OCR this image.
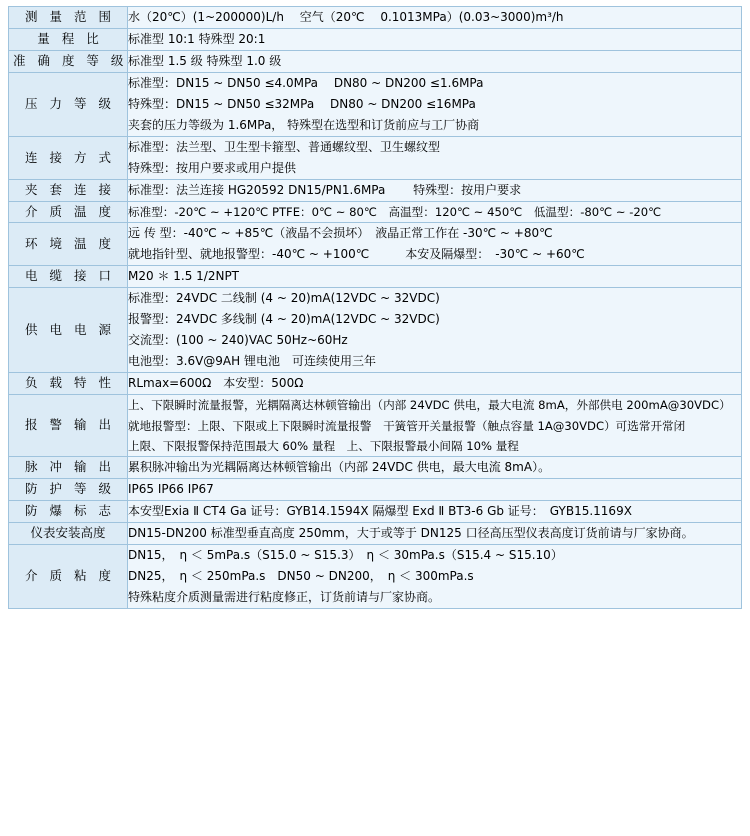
测 量 范 围	水（20℃）(1~200000)L/h 　空气（20℃ 　0.1013MPa）(0.03~3000)m³/h

量 程 比	标准型 10:1 特殊型 20:1

准 确 度 等 级	标准型 1.5 级 特殊型 1.0 级

压 力 等 级	标准型：DN15 ~ DN50 ≤4.0MPa　 DN80 ~ DN200 ≤1.6MPa
特殊型：DN15 ~ DN50 ≤32MPa　 DN80 ~ DN200 ≤16MPa
夹套的压力等级为 1.6MPa， 特殊型在选型和订货前应与工厂协商

连 接 方 式	标准型：法兰型、卫生型卡箍型、普通螺纹型、卫生螺纹型
特殊型：按用户要求或用户提供

夹 套 连 接	标准型：法兰连接 HG20592 DN15/PN1.6MPa　　 特殊型：按用户要求

介 质 温 度	标准型：-20℃ ~ +120℃ PTFE：0℃ ~ 80℃　高温型：120℃ ~ 450℃　低温型：-80℃ ~ -20℃

环 境 温 度	远 传 型：-40℃ ~ +85℃（液晶不会损坏）　液晶正常工作在 -30℃ ~ +80℃
就地指针型、就地报警型：-40℃ ~ +100℃　　　本安及隔爆型：　-30℃ ~ +60℃

电 缆 接 口	M20 ＊ 1.5 1/2NPT

供 电 电 源	标准型：24VDC 二线制 (4 ~ 20)mA(12VDC ~ 32VDC)
报警型：24VDC 多线制 (4 ~ 20)mA(12VDC ~ 32VDC)
交流型：(100 ~ 240)VAC 50Hz~60Hz
电池型：3.6V@9AH 锂电池　可连续使用三年

负 载 特 性	RLmax=600Ω　本安型：500Ω

报 警 输 出	上、下限瞬时流量报警，光耦隔离达林顿管输出（内部 24VDC 供电，最大电流 8mA，外部供电 200mA@30VDC）
就地报警型：上限、下限或上下限瞬时流量报警　干簧管开关量报警（触点容量 1A@30VDC）可选常开常闭
上限、下限报警保持范围最大 60% 量程　上、下限报警最小间隔 10% 量程

脉 冲 输 出	累积脉冲输出为光耦隔离达林顿管输出（内部 24VDC 供电，最大电流 8mA）。

防 护 等 级	IP65 IP66 IP67

防 爆 标 志	本安型Exia Ⅱ CT4 Ga 证号：GYB14.1594X 隔爆型 Exd Ⅱ BT3-6 Gb 证号：　GYB15.1169X

仪表安装高度	DN15-DN200 标准型垂直高度 250mm，大于或等于 DN125 口径高压型仪表高度订货前请与厂家协商。

介 质 粘 度	DN15，　η ＜ 5mPa.s（S15.0 ~ S15.3）　η ＜ 30mPa.s（S15.4 ~ S15.10）
DN25，　η ＜ 250mPa.s　DN50 ~ DN200，　η ＜ 300mPa.s
特殊粘度介质测量需进行粘度修正，订货前请与厂家协商。
